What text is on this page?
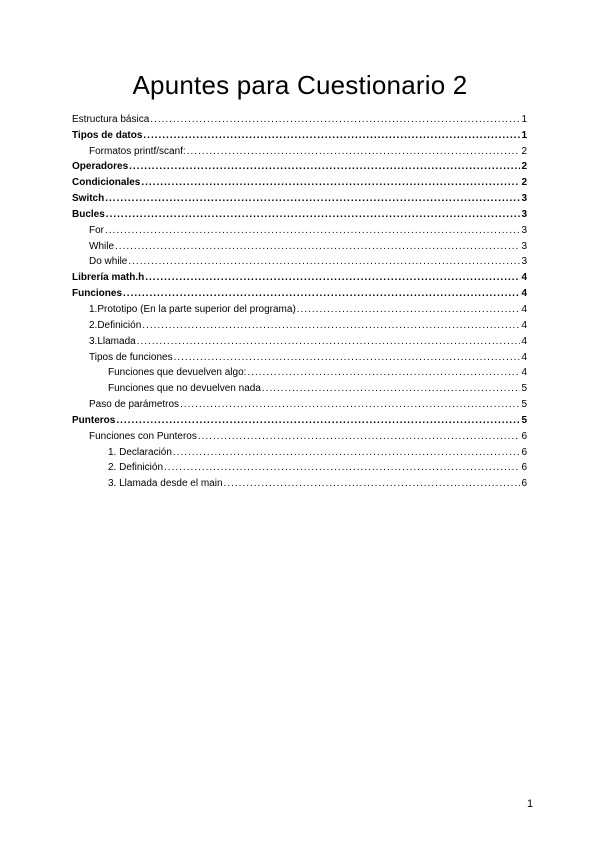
Apuntes para Cuestionario 2
Estructura básica .....	1
Tipos de datos .....	1
Formatos printf/scanf: .....	2
Operadores .....	2
Condicionales .....	2
Switch .....	3
Bucles .....	3
For .....	3
While .....	3
Do while .....	3
Librería math.h .....	4
Funciones .....	4
1.Prototipo (En la parte superior del programa) .....	4
2.Definición .....	4
3.Llamada .....	4
Tipos de funciones .....	4
Funciones que devuelven algo: .....	4
Funciones que no devuelven nada .....	5
Paso de parámetros .....	5
Punteros .....	5
Funciones con Punteros .....	6
1. Declaración .....	6
2. Definición .....	6
3. Llamada desde el main .....	6
1
